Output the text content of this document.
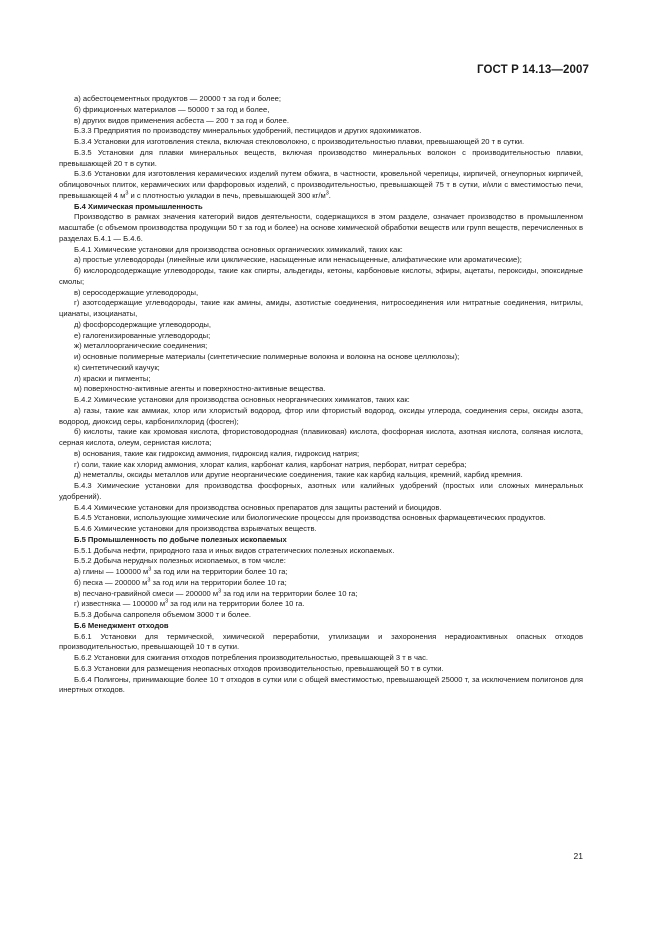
ГОСТ Р 14.13—2007

а) асбестоцементных продуктов — 20000 т за год и более;

б) фрикционных материалов — 50000 т за год и более,

в) других видов применения асбеста — 200 т за год и более.

Б.3.3 Предприятия по производству минеральных удобрений, пестицидов и других ядохимикатов.

Б.3.4 Установки для изготовления стекла, включая стекловолокно, с производительностью плавки, превышающей 20 т в сутки.

Б.3.5 Установки для плавки минеральных веществ, включая производство минеральных волокон с производительностью плавки, превышающей 20 т в сутки.

Б.3.6 Установки для изготовления керамических изделий путем обжига, в частности, кровельной черепицы, кирпичей, огнеупорных кирпичей, облицовочных плиток, керамических или фарфоровых изделий, с производительностью, превышающей 75 т в сутки, и/или с вместимостью печи, превышающей 4 $м^3$ и с плотностью укладки в печь, превышающей 300 $кг/м^3$.

Б.4 Химическая промышленность

Производство в рамках значения категорий видов деятельности, содержащихся в этом разделе, означает производство в промышленном масштабе (с объемом производства продукции 50 т за год и более) на основе химической обработки веществ или групп веществ, перечисленных в разделах Б.4.1 — Б.4.6.

Б.4.1 Химические установки для производства основных органических химикалий, таких как:

а) простые углеводороды (линейные или циклические, насыщенные или ненасыщенные, алифатические или ароматические);

б) кислородсодержащие углеводороды, такие как спирты, альдегиды, кетоны, карбоновые кислоты, эфиры, ацетаты, пероксиды, эпоксидные смолы;

в) серосодержащие углеводороды,

г) азотсодержащие углеводороды, такие как амины, амиды, азотистые соединения, нитросоединения или нитратные соединения, нитрилы, цианаты, изоцианаты,

д) фосфорсодержащие углеводороды,

е) галогенизированные углеводороды;

ж) металлоорганические соединения;

и) основные полимерные материалы (синтетические полимерные волокна и волокна на основе целлюлозы);

к) синтетический каучук;

л) краски и пигменты;

м) поверхностно-активные агенты и поверхностно-активные вещества.

Б.4.2 Химические установки для производства основных неорганических химикатов, таких как:

а) газы, такие как аммиак, хлор или хлористый водород, фтор или фтористый водород, оксиды углерода, соединения серы, оксиды азота, водород, диоксид серы, карбонилхлорид (фосген);

б) кислоты, такие как хромовая кислота, фтористоводородная (плавиковая) кислота, фосфорная кислота, азотная кислота, соляная кислота, серная кислота, олеум, сернистая кислота;

в) основания, такие как гидроксид аммония, гидроксид калия, гидроксид натрия;

г) соли, такие как хлорид аммония, хлорат калия, карбонат калия, карбонат натрия, перборат, нитрат серебра;

д) неметаллы, оксиды металлов или другие неорганические соединения, такие как карбид кальция, кремний, карбид кремния.

Б.4.3 Химические установки для производства фосфорных, азотных или калийных удобрений (простых или сложных минеральных удобрений).

Б.4.4 Химические установки для производства основных препаратов для защиты растений и биоцидов.

Б.4.5 Установки, использующие химические или биологические процессы для производства основных фармацевтических продуктов.

Б.4.6 Химические установки для производства взрывчатых веществ.

Б.5 Промышленность по добыче полезных ископаемых

Б.5.1 Добыча нефти, природного газа и иных видов стратегических полезных ископаемых.

Б.5.2 Добыча нерудных полезных ископаемых, в том числе:

а) глины — 100000 $м^3$ за год или на территории более 10 га;

б) песка — 200000 $м^3$ за год или на территории более 10 га;

в) песчано-гравийной смеси — 200000 $м^3$ за год или на территории более 10 га;

г) известняка — 100000 $м^3$ за год или на территории более 10 га.

Б.5.3 Добыча сапропеля объемом 3000 т и более.

Б.6 Менеджмент отходов

Б.6.1 Установки для термической, химической переработки, утилизации и захоронения нерадиоактивных опасных отходов производительностью, превышающей 10 т в сутки.

Б.6.2 Установки для сжигания отходов потребления производительностью, превышающей 3 т в час.

Б.6.3 Установки для размещения неопасных отходов производительностью, превышающей 50 т в сутки.

Б.6.4 Полигоны, принимающие более 10 т отходов в сутки или с общей вместимостью, превышающей 25000 т, за исключением полигонов для инертных отходов.

21
